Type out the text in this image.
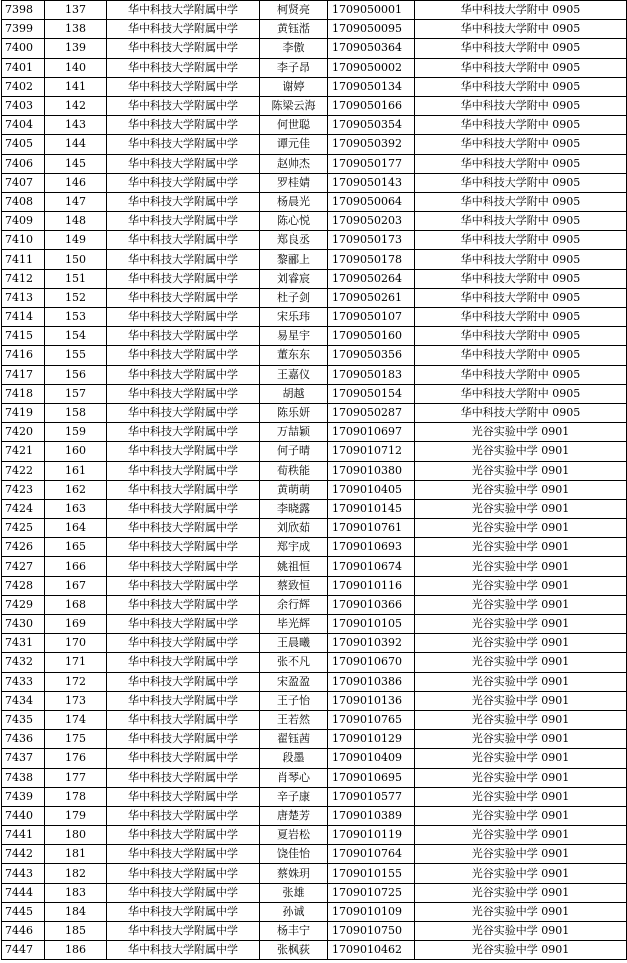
7398	137	华中科技大学附属中学	柯贤亮	1709050001	华中科技大学附中 0905
7399	138	华中科技大学附属中学	黄钰湉	1709050095	华中科技大学附中 0905
7400	139	华中科技大学附属中学	李傲	1709050364	华中科技大学附中 0905
7401	140	华中科技大学附属中学	李子昂	1709050002	华中科技大学附中 0905
7402	141	华中科技大学附属中学	谢婷	1709050134	华中科技大学附中 0905
7403	142	华中科技大学附属中学	陈梁云海	1709050166	华中科技大学附中 0905
7404	143	华中科技大学附属中学	何世聪	1709050354	华中科技大学附中 0905
7405	144	华中科技大学附属中学	谭元佳	1709050392	华中科技大学附中 0905
7406	145	华中科技大学附属中学	赵帅杰	1709050177	华中科技大学附中 0905
7407	146	华中科技大学附属中学	罗桂婧	1709050143	华中科技大学附中 0905
7408	147	华中科技大学附属中学	杨晨光	1709050064	华中科技大学附中 0905
7409	148	华中科技大学附属中学	陈心悦	1709050203	华中科技大学附中 0905
7410	149	华中科技大学附属中学	郑良丞	1709050173	华中科技大学附中 0905
7411	150	华中科技大学附属中学	黎郦上	1709050178	华中科技大学附中 0905
7412	151	华中科技大学附属中学	刘睿宸	1709050264	华中科技大学附中 0905
7413	152	华中科技大学附属中学	杜子剑	1709050261	华中科技大学附中 0905
7414	153	华中科技大学附属中学	宋乐玮	1709050107	华中科技大学附中 0905
7415	154	华中科技大学附属中学	易星宇	1709050160	华中科技大学附中 0905
7416	155	华中科技大学附属中学	董东东	1709050356	华中科技大学附中 0905
7417	156	华中科技大学附属中学	王嘉仪	1709050183	华中科技大学附中 0905
7418	157	华中科技大学附属中学	胡越	1709050154	华中科技大学附中 0905
7419	158	华中科技大学附属中学	陈乐妍	1709050287	华中科技大学附中 0905
7420	159	华中科技大学附属中学	万喆颖	1709010697	光谷实验中学 0901
7421	160	华中科技大学附属中学	何子晴	1709010712	光谷实验中学 0901
7422	161	华中科技大学附属中学	荀秩能	1709010380	光谷实验中学 0901
7423	162	华中科技大学附属中学	黄萌萌	1709010405	光谷实验中学 0901
7424	163	华中科技大学附属中学	李晓露	1709010145	光谷实验中学 0901
7425	164	华中科技大学附属中学	刘欣茹	1709010761	光谷实验中学 0901
7426	165	华中科技大学附属中学	郑宇成	1709010693	光谷实验中学 0901
7427	166	华中科技大学附属中学	姚祖恒	1709010674	光谷实验中学 0901
7428	167	华中科技大学附属中学	蔡致恒	1709010116	光谷实验中学 0901
7429	168	华中科技大学附属中学	余行辉	1709010366	光谷实验中学 0901
7430	169	华中科技大学附属中学	毕光辉	1709010105	光谷实验中学 0901
7431	170	华中科技大学附属中学	王晨曦	1709010392	光谷实验中学 0901
7432	171	华中科技大学附属中学	张不凡	1709010670	光谷实验中学 0901
7433	172	华中科技大学附属中学	宋盈盈	1709010386	光谷实验中学 0901
7434	173	华中科技大学附属中学	王子怡	1709010136	光谷实验中学 0901
7435	174	华中科技大学附属中学	王若然	1709010765	光谷实验中学 0901
7436	175	华中科技大学附属中学	翟钰茜	1709010129	光谷实验中学 0901
7437	176	华中科技大学附属中学	段墨	1709010409	光谷实验中学 0901
7438	177	华中科技大学附属中学	肖琴心	1709010695	光谷实验中学 0901
7439	178	华中科技大学附属中学	辛子康	1709010577	光谷实验中学 0901
7440	179	华中科技大学附属中学	唐楚芳	1709010389	光谷实验中学 0901
7441	180	华中科技大学附属中学	夏岩松	1709010119	光谷实验中学 0901
7442	181	华中科技大学附属中学	饶佳怡	1709010764	光谷实验中学 0901
7443	182	华中科技大学附属中学	蔡姝玥	1709010155	光谷实验中学 0901
7444	183	华中科技大学附属中学	张雄	1709010725	光谷实验中学 0901
7445	184	华中科技大学附属中学	孙诚	1709010109	光谷实验中学 0901
7446	185	华中科技大学附属中学	杨丰宁	1709010750	光谷实验中学 0901
7447	186	华中科技大学附属中学	张枫荻	1709010462	光谷实验中学 0901
